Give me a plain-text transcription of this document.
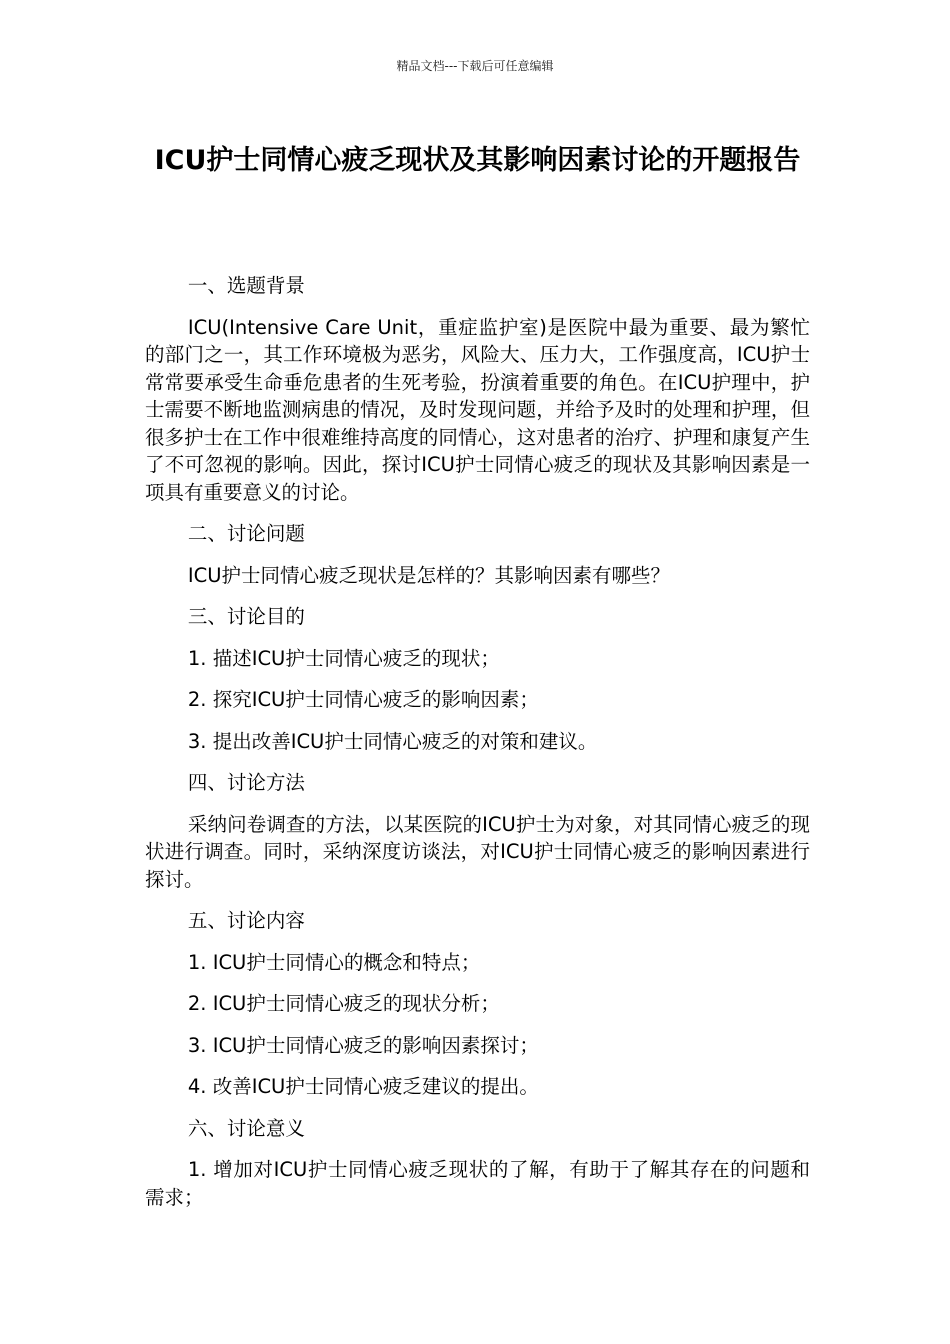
精品文档---下载后可任意编辑
ICU护士同情心疲乏现状及其影响因素讨论的开题报告

一、选题背景

ICU(Intensive Care Unit，重症监护室)是医院中最为重要、最为繁忙的部门之一，其工作环境极为恶劣，风险大、压力大，工作强度高，ICU护士常常要承受生命垂危患者的生死考验，扮演着重要的角色。在ICU护理中，护士需要不断地监测病患的情况，及时发现问题，并给予及时的处理和护理，但很多护士在工作中很难维持高度的同情心，这对患者的治疗、护理和康复产生了不可忽视的影响。因此，探讨ICU护士同情心疲乏的现状及其影响因素是一项具有重要意义的讨论。

二、讨论问题

ICU护士同情心疲乏现状是怎样的？其影响因素有哪些？

三、讨论目的

1. 描述ICU护士同情心疲乏的现状；

2. 探究ICU护士同情心疲乏的影响因素；

3. 提出改善ICU护士同情心疲乏的对策和建议。

四、讨论方法

采纳问卷调查的方法，以某医院的ICU护士为对象，对其同情心疲乏的现状进行调查。同时，采纳深度访谈法，对ICU护士同情心疲乏的影响因素进行探讨。

五、讨论内容

1. ICU护士同情心的概念和特点；

2. ICU护士同情心疲乏的现状分析；

3. ICU护士同情心疲乏的影响因素探讨；

4. 改善ICU护士同情心疲乏建议的提出。

六、讨论意义

1. 增加对ICU护士同情心疲乏现状的了解，有助于了解其存在的问题和需求；
